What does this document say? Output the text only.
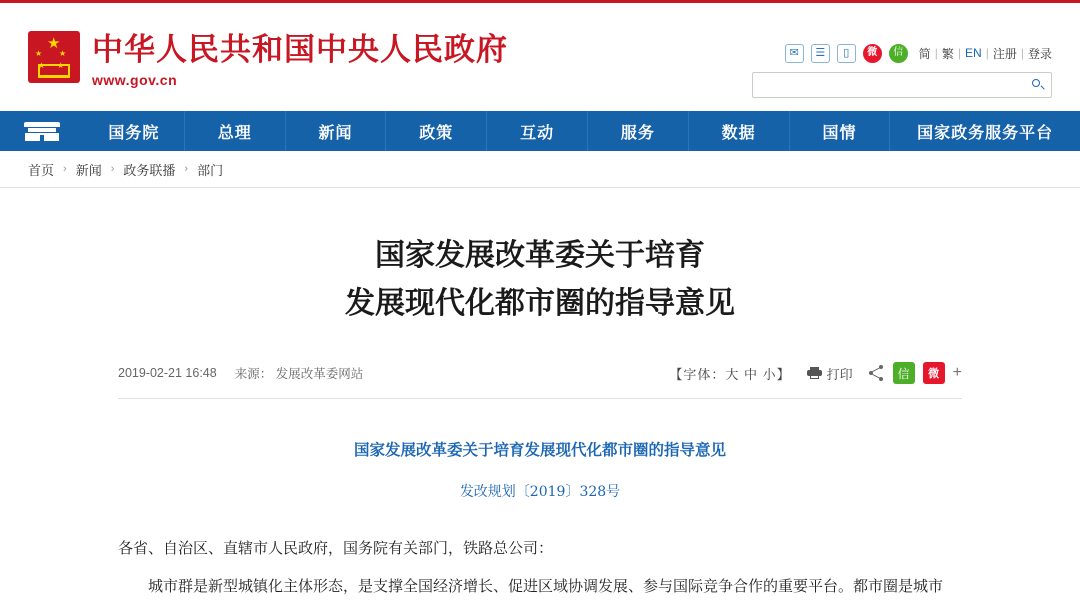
★
★ ★
★ ★ 中华人民共和国中央人民政府
www.gov.cn
✉	☰	▯	微	信	简 | 繁 | EN | 注册 | 登录
国务院	总理	新闻	政策	互动	服务	数据	国情	国家政务服务平台
首页 › 新闻 › 政务联播 › 部门
国家发展改革委关于培育
发展现代化都市圈的指导意见
2019-02-21 16:48 来源： 发展改革委网站	【字体：大 中 小】	打印	信	微 +
国家发展改革委关于培育发展现代化都市圈的指导意见
发改规划〔2019〕328号
各省、自治区、直辖市人民政府，国务院有关部门，铁路总公司：
城市群是新型城镇化主体形态，是支撑全国经济增长、促进区域协调发展、参与国际竞争合作的重要平台。都市圈是城市
